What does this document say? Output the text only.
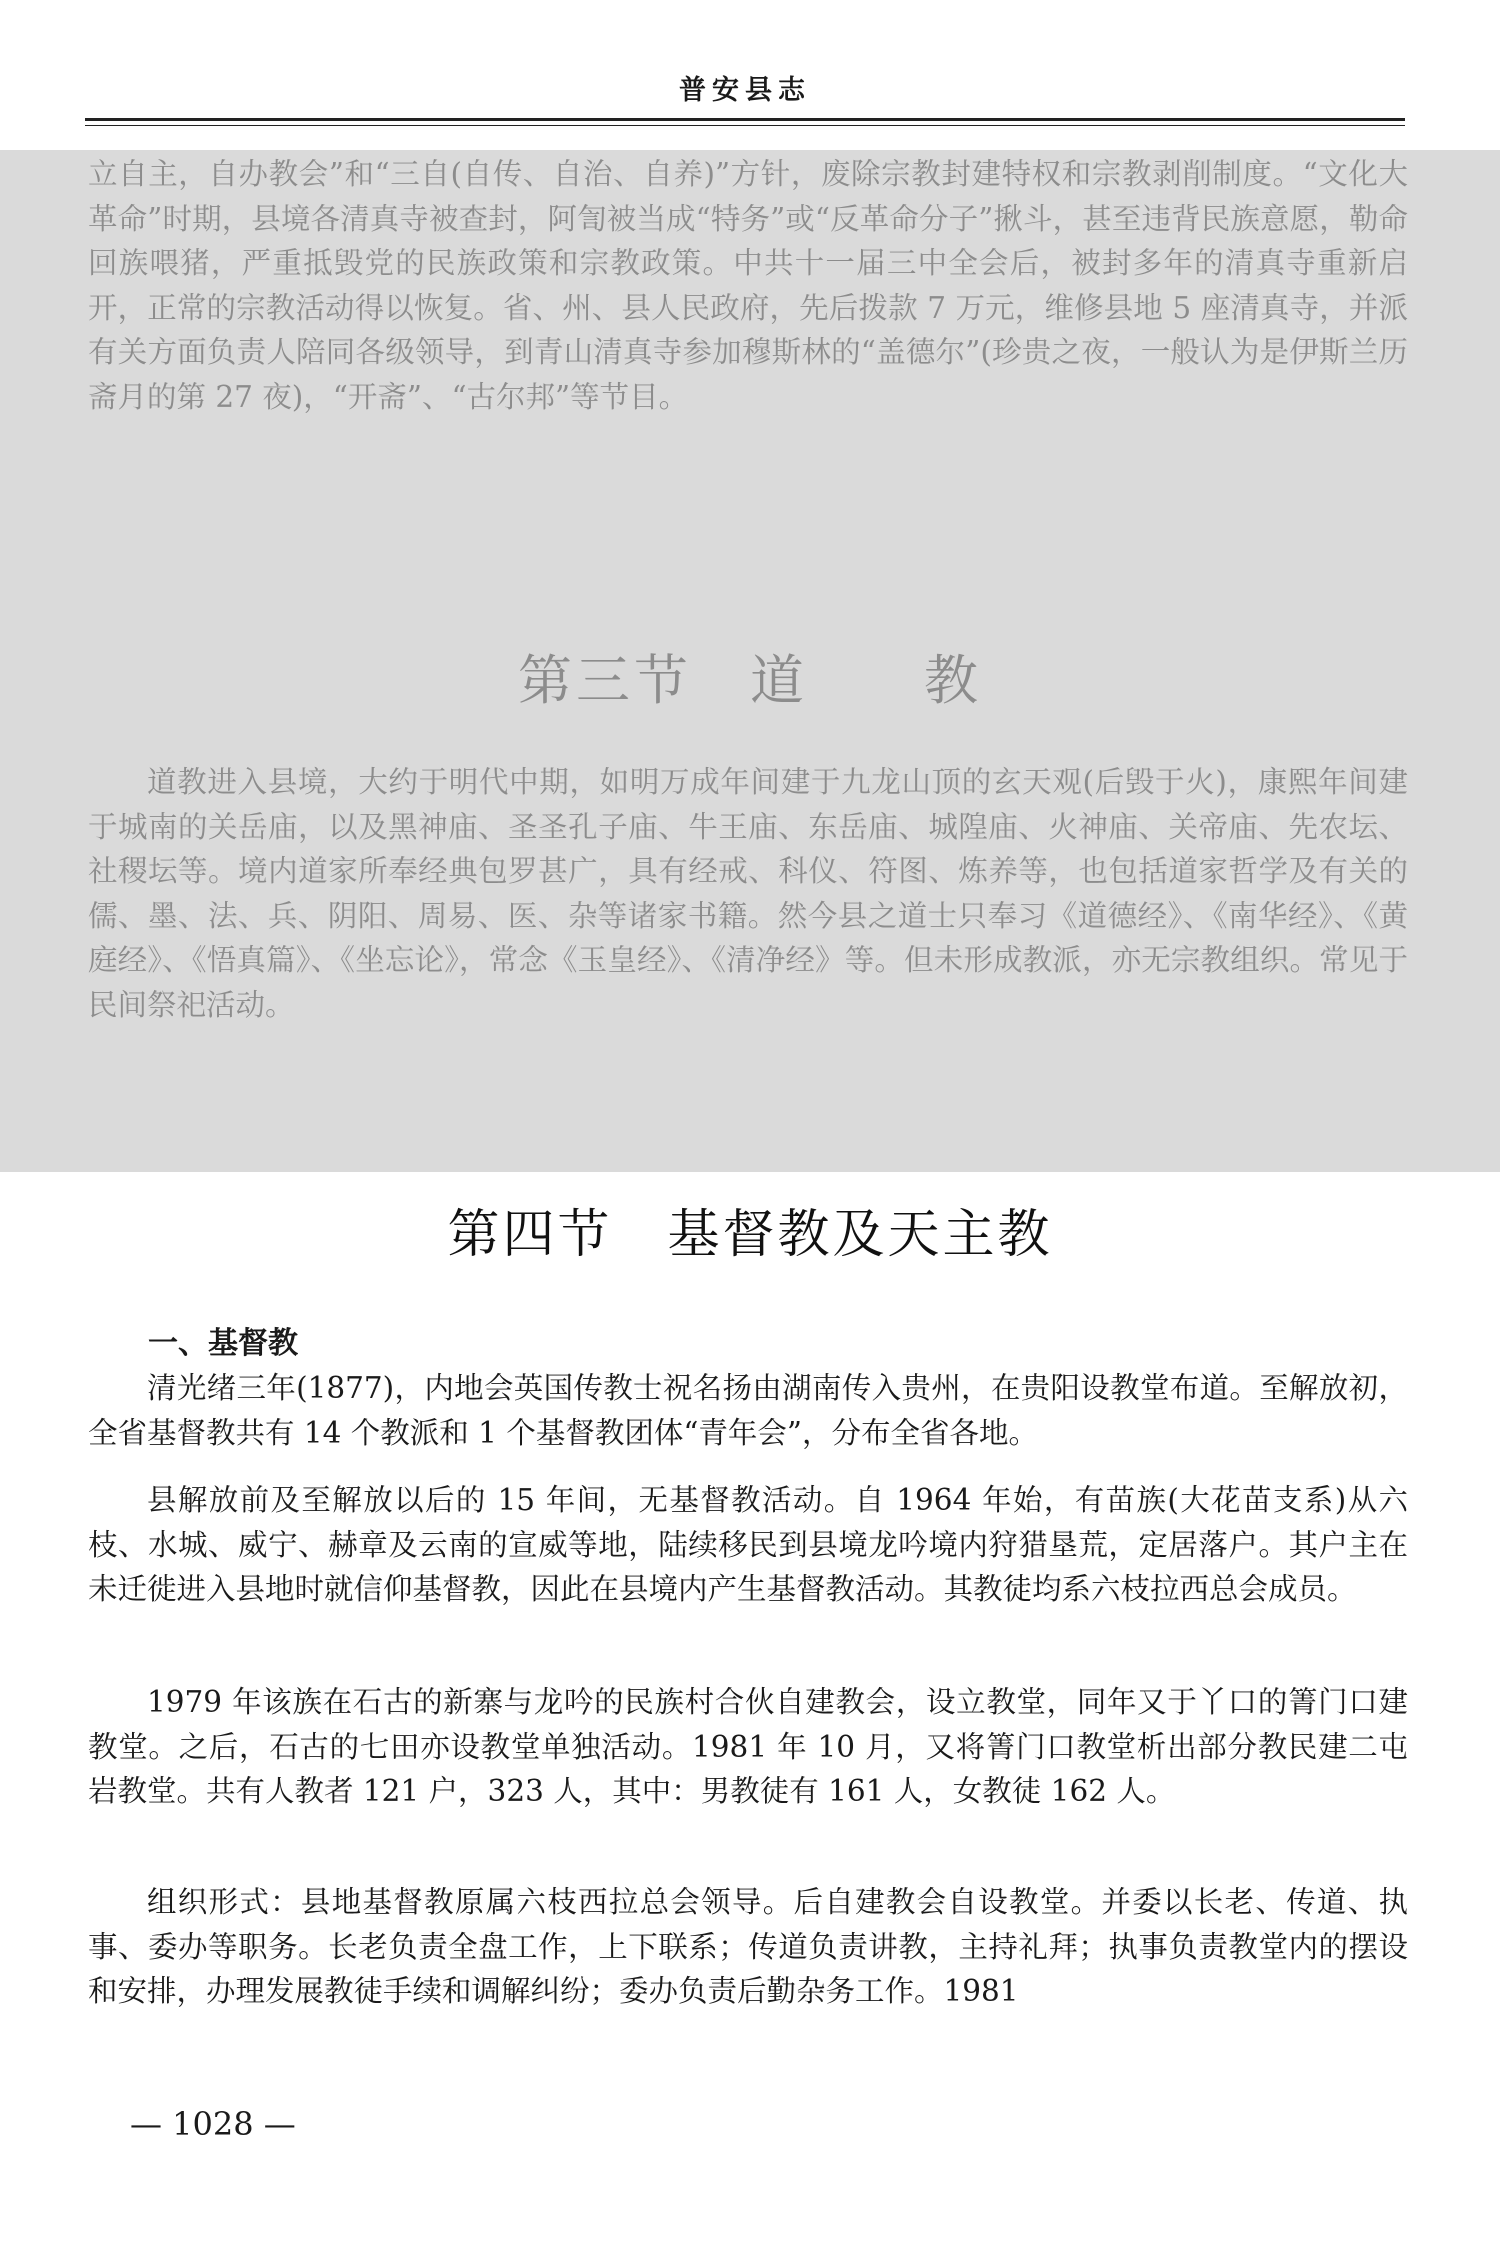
普安县志

立自主，自办教会”和“三自(自传、自治、自养)”方针，废除宗教封建特权和宗教剥削制度。“文化大革命”时期，县境各清真寺被查封，阿訇被当成“特务”或“反革命分子”揪斗，甚至违背民族意愿，勒命回族喂猪，严重抵毁党的民族政策和宗教政策。中共十一届三中全会后，被封多年的清真寺重新启开，正常的宗教活动得以恢复。省、州、县人民政府，先后拨款 7 万元，维修县地 5 座清真寺，并派有关方面负责人陪同各级领导，到青山清真寺参加穆斯林的“盖德尔”(珍贵之夜，一般认为是伊斯兰历斋月的第 27 夜)，“开斋”、“古尔邦”等节目。

第三节　道　　教

道教进入县境，大约于明代中期，如明万成年间建于九龙山顶的玄天观(后毁于火)，康熙年间建于城南的关岳庙，以及黑神庙、圣圣孔子庙、牛王庙、东岳庙、城隍庙、火神庙、关帝庙、先农坛、社稷坛等。境内道家所奉经典包罗甚广，具有经戒、科仪、符图、炼养等，也包括道家哲学及有关的儒、墨、法、兵、阴阳、周易、医、杂等诸家书籍。然今县之道士只奉习《道德经》、《南华经》、《黄庭经》、《悟真篇》、《坐忘论》，常念《玉皇经》、《清净经》等。但未形成教派，亦无宗教组织。常见于民间祭祀活动。

第四节　基督教及天主教
一、基督教

清光绪三年(1877)，内地会英国传教士祝名扬由湖南传入贵州，在贵阳设教堂布道。至解放初，全省基督教共有 14 个教派和 1 个基督教团体“青年会”，分布全省各地。

县解放前及至解放以后的 15 年间，无基督教活动。自 1964 年始，有苗族(大花苗支系)从六枝、水城、威宁、赫章及云南的宣威等地，陆续移民到县境龙吟境内狩猎垦荒，定居落户。其户主在未迁徙进入县地时就信仰基督教，因此在县境内产生基督教活动。其教徒均系六枝拉西总会成员。

1979 年该族在石古的新寨与龙吟的民族村合伙自建教会，设立教堂，同年又于丫口的箐门口建教堂。之后，石古的七田亦设教堂单独活动。1981 年 10 月，又将箐门口教堂析出部分教民建二屯岩教堂。共有人教者 121 户，323 人，其中：男教徒有 161 人，女教徒 162 人。

组织形式：县地基督教原属六枝西拉总会领导。后自建教会自设教堂。并委以长老、传道、执事、委办等职务。长老负责全盘工作，上下联系；传道负责讲教，主持礼拜；执事负责教堂内的摆设和安排，办理发展教徒手续和调解纠纷；委办负责后勤杂务工作。1981

— 1028 —
